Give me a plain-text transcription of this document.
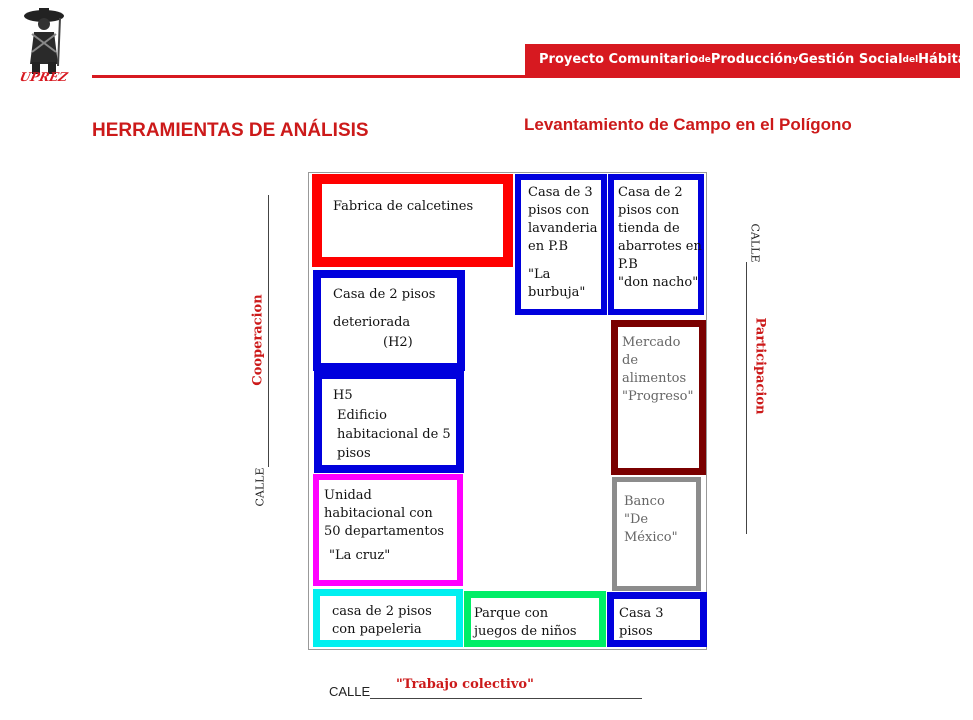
UPREZ
Proyecto Comunitario de Producción y Gestión Social del Hábitat
HERRAMIENTAS DE ANÁLISIS	Levantamiento de Campo en el Polígono
CALLE
Cooperacion
CALLE
Participacion
CALLE "Trabajo colectivo"
Fabrica de calcetines
Casa de 3
pisos con
lavanderia
en P.B
"La
burbuja"
Casa de 2
pisos con
tienda de
abarrotes en
P.B
"don nacho"
Casa de 2 pisos
deteriorada
(H2)
H5
Edificio
habitacional de 5
pisos
Mercado
de
alimentos
"Progreso"
Banco
"De
México"
Unidad
habitacional con
50 departamentos
"La cruz"
casa de 2 pisos
con papeleria
Parque con
juegos de niños
Casa 3
pisos
